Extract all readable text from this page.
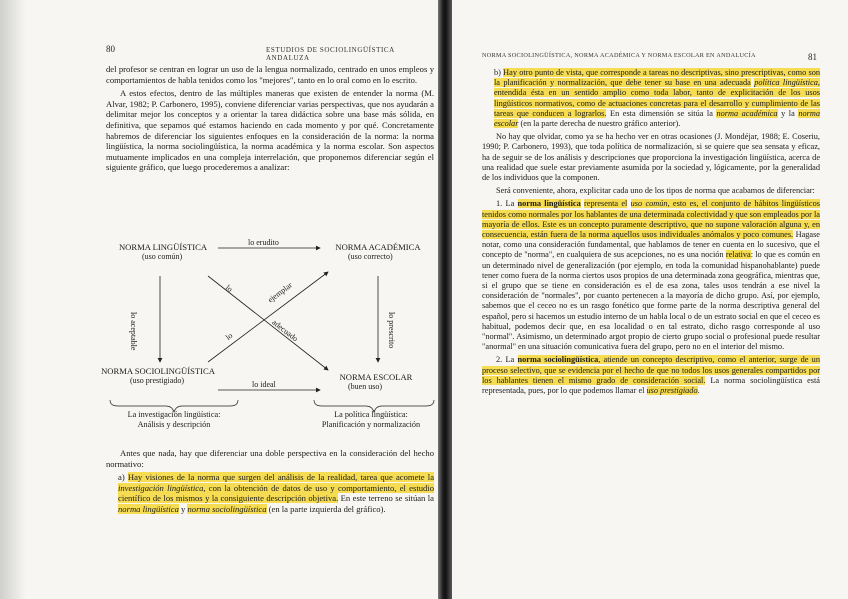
80	ESTUDIOS DE SOCIOLINGÜÍSTICA ANDALUZA

del profesor se centran en lograr un uso de la lengua normalizado, centrado en unos empleos y comportamientos de habla tenidos como los "mejores", tanto en lo oral como en lo escrito.

A estos efectos, dentro de las múltiples maneras que existen de entender la norma (M. Alvar, 1982; P. Carbonero, 1995), conviene diferenciar varias perspectivas, que nos ayudarán a delimitar mejor los conceptos y a orientar la tarea didáctica sobre una base más sólida, en definitiva, que sepamos qué estamos haciendo en cada momento y por qué. Concretamente habremos de diferenciar los siguientes enfoques en la consideración de la norma: la norma lingüística, la norma sociolingüística, la norma académica y la norma escolar. Son aspectos mutuamente implicados en una compleja interrelación, que proponemos diferenciar según el siguiente gráfico, que luego procederemos a analizar:

NORMA LINGÜÍSTICA
(uso común)
NORMA ACADÉMICA
(uso correcto)
NORMA SOCIOLINGÜÍSTICA
(uso prestigiado)	NORMA ESCOLAR
(buen uso)
lo erudito
lo ideal
lo aceptable	lo prescrito
lo	ejemplar
lo	adecuado
La investigación lingüística:
Análisis y descripción
La política lingüística:
Planificación y normalización

Antes que nada, hay que diferenciar una doble perspectiva en la consideración del hecho normativo:

a) Hay visiones de la norma que surgen del análisis de la realidad, tarea que acomete la investigación lingüística, con la obtención de datos de uso y comportamiento, el estudio científico de los mismos y la consiguiente descripción objetiva. En este terreno se sitúan la norma lingüística y norma sociolingüística (en la parte izquierda del gráfico).

NORMA SOCIOLINGÜÍSTICA, NORMA ACADÉMICA Y NORMA ESCOLAR EN ANDALUCÍA	81

b) Hay otro punto de vista, que corresponde a tareas no descriptivas, sino prescriptivas, como son la planificación y normalización, que debe tener su base en una adecuada política lingüística, entendida ésta en un sentido amplio como toda labor, tanto de explicitación de los usos lingüísticos normativos, como de actuaciones concretas para el desarrollo y cumplimiento de las tareas que conducen a lograrlos. En esta dimensión se sitúa la norma académica y la norma escolar (en la parte derecha de nuestro gráfico anterior).

No hay que olvidar, como ya se ha hecho ver en otras ocasiones (J. Mondéjar, 1988; E. Coseriu, 1990; P. Carbonero, 1993), que toda política de normalización, si se quiere que sea sensata y eficaz, ha de seguir se de los análisis y descripciones que proporciona la investigación lingüística, acerca de una realidad que suele estar previamente asumida por la sociedad y, lógicamente, por la generalidad de los individuos que la componen.

Será conveniente, ahora, explicitar cada uno de los tipos de norma que acabamos de diferenciar:

1. La norma lingüística representa el uso común, esto es, el conjunto de hábitos lingüísticos tenidos como normales por los hablantes de una determinada colectividad y que son empleados por la mayoría de ellos. Este es un concepto puramente descriptivo, que no supone valoración alguna y, en consecuencia, están fuera de la norma aquellos usos individuales anómalos y poco comunes. Hagase notar, como una consideración fundamental, que hablamos de tener en cuenta en lo sucesivo, que el concepto de "norma", en cualquiera de sus acepciones, no es una noción relativa: lo que es común en un determinado nivel de generalización (por ejemplo, en toda la comunidad hispanohablante) puede tener como fuera de la norma ciertos usos propios de una determinada zona geográfica, mientras que, si el grupo que se tiene en consideración es el de esa zona, tales usos tendrán a ese nivel la consideración de "normales", por cuanto pertenecen a la mayoría de dicho grupo. Así, por ejemplo, sabemos que el ceceo no es un rasgo fonético que forme parte de la norma descriptiva general del español, pero si hacemos un estudio interno de un habla local o de un estrato social en que el ceceo es habitual, podemos decir que, en esa localidad o en tal estrato, dicho rasgo corresponde al uso "normal". Asimismo, un determinado argot propio de cierto grupo social o profesional puede resultar "anormal" en una situación comunicativa fuera del grupo, pero no en el interior del mismo.

2. La norma sociolingüística, atiende un concepto descriptivo, como el anterior, surge de un proceso selectivo, que se evidencia por el hecho de que no todos los usos generales compartidos por los hablantes tienen el mismo grado de consideración social. La norma sociolingüística está representada, pues, por lo que podemos llamar el uso prestigiado.
